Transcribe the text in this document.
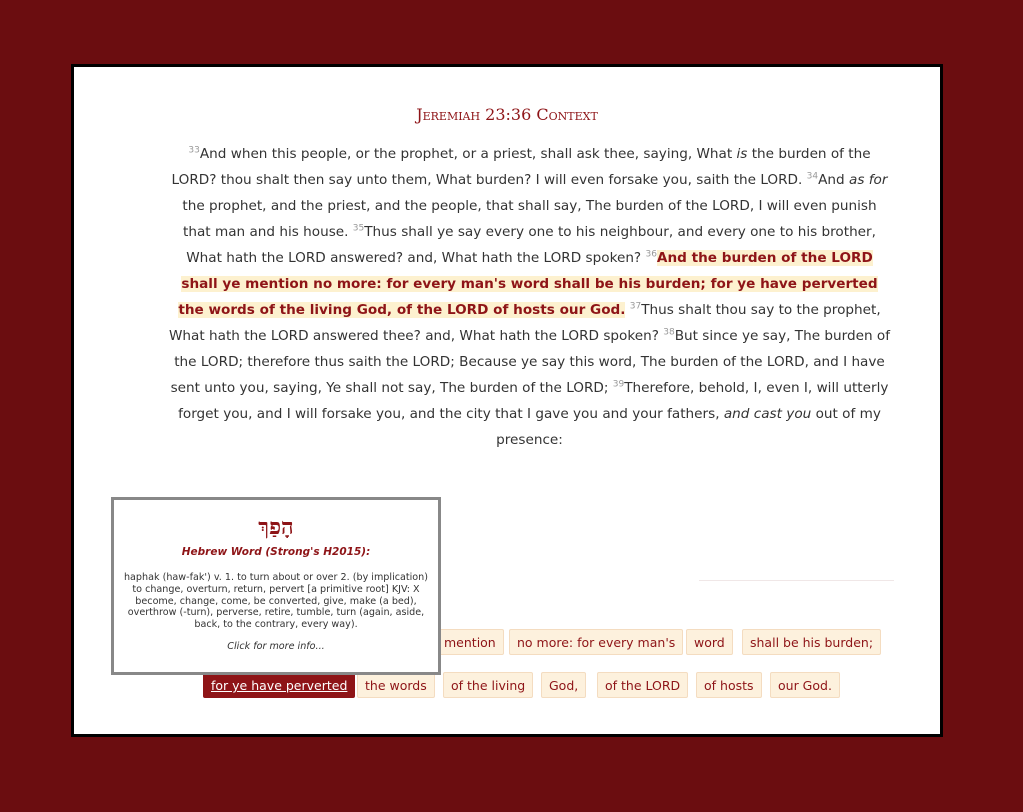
Jeremiah 23:36 Context
$^{33}$And when this people, or the prophet, or a priest, shall ask thee, saying, What is the burden of the LORD? thou shalt then say unto them, What burden? I will even forsake you, saith the LORD. $^{34}$And as for the prophet, and the priest, and the people, that shall say, The burden of the LORD, I will even punish that man and his house. $^{35}$Thus shall ye say every one to his neighbour, and every one to his brother, What hath the LORD answered? and, What hath the LORD spoken? $^{36}$And the burden of the LORD shall ye mention no more: for every man's word shall be his burden; for ye have perverted the words of the living God, of the LORD of hosts our God. $^{37}$Thus shalt thou say to the prophet, What hath the LORD answered thee? and, What hath the LORD spoken? $^{38}$But since ye say, The burden of the LORD; therefore thus saith the LORD; Because ye say this word, The burden of the LORD, and I have sent unto you, saying, Ye shall not say, The burden of the LORD; $^{39}$Therefore, behold, I, even I, will utterly forget you, and I will forsake you, and the city that I gave you and your fathers, and cast you out of my presence:
mention	no more: for every man's	word	shall be his burden;
for ye have perverted	the words	of the living	God,	of the LORD	of hosts	our God.
הָפַךְ
Hebrew Word (Strong's H2015):
haphak (haw-fak') v. 1. to turn about or over 2. (by implication) to change, overturn, return, pervert [a primitive root] KJV: X become, change, come, be converted, give, make (a bed), overthrow (-turn), perverse, retire, tumble, turn (again, aside, back, to the contrary, every way).
Click for more info...
